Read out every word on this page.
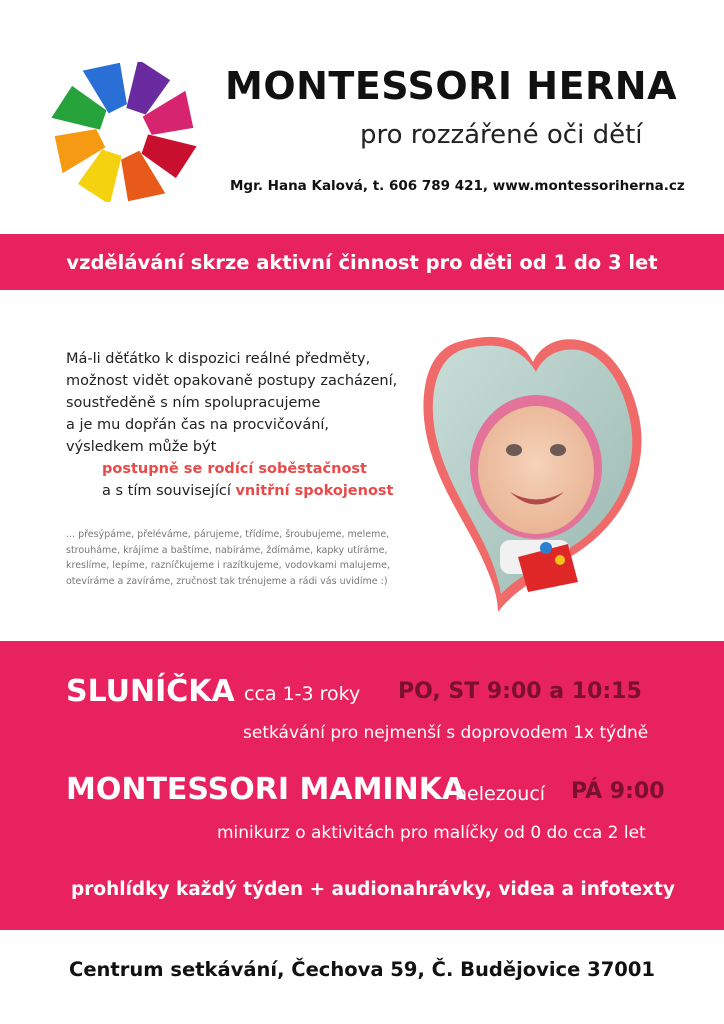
MONTESSORI HERNA
pro rozzářené oči dětí
Mgr. Hana Kalová, t. 606 789 421, www.montessoriherna.cz
vzdělávání skrze aktivní činnost pro děti od 1 do 3 let
Má-li děťátko k dispozici reálné předměty,
možnost vidět opakovaně postupy zacházení,
soustředěně s ním spolupracujeme
a je mu dopřán čas na procvičování,
výsledkem může být
postupně se rodící soběstačnost
a s tím související vnitřní spokojenost
... přesýpáme, přeléváme, párujeme, třídíme, šroubujeme, meleme,
strouháme, krájíme a baštíme, nabíráme, ždímáme, kapky utíráme,
kreslíme, lepíme, razníčkujeme i razítkujeme, vodovkami malujeme,
otevíráme a zavíráme, zručnost tak trénujeme a rádi vás uvidíme :)
SLUNÍČKA cca 1-3 roky PO, ST 9:00 a 10:15
setkávání pro nejmenší s doprovodem 1x týdně
MONTESSORI MAMINKA
nelezoucí PÁ 9:00
minikurz o aktivitách pro malíčky od 0 do cca 2 let
prohlídky každý týden + audionahrávky, videa a infotexty
Centrum setkávání, Čechova 59, Č. Budějovice 37001
